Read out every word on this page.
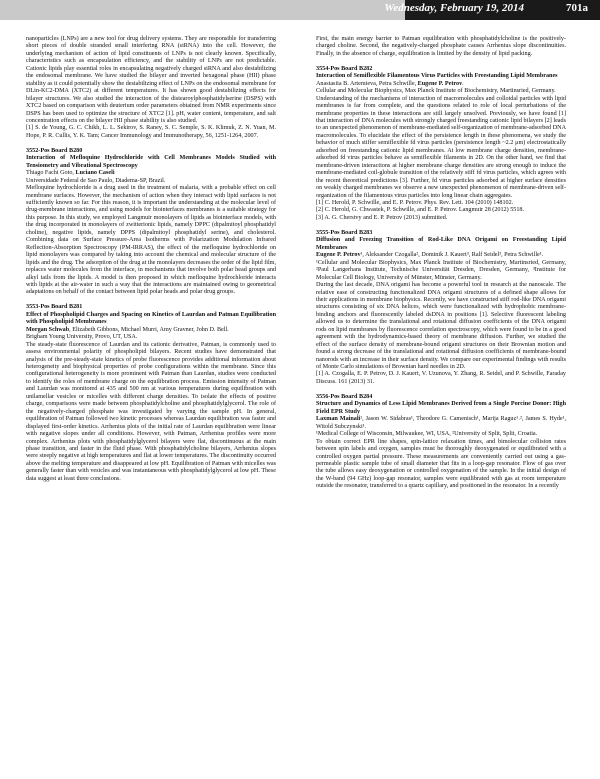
Wednesday, February 19, 2014	701a

nanoparticles (LNPs) are a new tool for drug delivery systems. They are responsible for transferring short pieces of double stranded small interfering RNA (siRNA) into the cell. However, the underlying mechanism of action of lipid constituents of LNPs is not clearly known. Specifically, characteristics such as encapsulation efficiency, and the stability of LNPs are not predictable. Cationic lipids play essential roles in encapsulating negatively charged siRNA and also destabilizing the endosomal membrane. We have studied the bilayer and inverted hexagonal phase (HII) phase stability as it could potentially show the destabilizing effect of LNPs on the endosomal membrane for DLin-KC2-DMA (XTC2) at different temperatures. It has shown good destabilizing effects for bilayer structures. We also studied the interaction of the distearoylphosphatidylserine (DSPS) with XTC2 based on comparison with deuterium order parameters obtained from NMR experiments since DSPS has been used to optimize the structure of XTC2 [1]. pH, water content, temperature, and salt concentration effects on the bilayer HII phase stability is also studied.

[1] S. de Young, G. C. Chikh, L. L. Sekirov, S. Raney, S. C. Semple, S. K. Klimuk, Z. N. Yuan, M. Hope, P. R. Cullis, Y. K. Tam; Cancer Immunology and Immunotherapy, 56, 1251-1264, 2007.

3552-Pos Board B280

Interaction of Mefloquine Hydrochloride with Cell Membranes Models Studied with Tensiometry and Vibrational Spectroscopy

Thiago Fachi Goto, Luciano Caseli

Universidade Federal de Sao Paulo, Diadema-SP, Brazil.

Mefloquine hydrochloride is a drug used in the treatment of malaria, with a probable effect on cell membrane surfaces. However, the mechanism of action when they interact with lipid surfaces is not sufficiently known so far. For this reason, it is important the understanding at the molecular level of drug-membrane interactions, and using models for biointerfaces membranes is a suitable strategy for this purpose. In this study, we employed Langmuir monolayers of lipids as biointerface models, with the drug incorporated in monolayers of zwitterionic lipids, namely DPPC (dipalmitoyl phosphatidyl choline), negative lipids, namely DPPS (dipalmitoyl phosphatidyl serine), and cholesterol. Combining data on Surface Pressure-Area Isotherms with Polarization Modulation Infrared Reflection-Absorption Spectroscopy (PM-IRRAS), the effect of the mefloquine hydrochloride on lipid monolayers was compared by taking into account the chemical and molecular structure of the lipids and the drug. The adsorption of the drug at the monolayers decreases the order of the lipid film, replaces water molecules from the interface, in mechanisms that involve both polar head groups and alkyl tails from the lipids. A model is then proposed in which mefloquine hydrochloride interacts with lipids at the air-water in such a way that the interactions are maintained owing to geometrical adaptations on behalf of the contact between lipid polar heads and polar drug groups.

3553-Pos Board B281

Effect of Phospholipid Charges and Spacing on Kinetics of Laurdan and Patman Equilibration with Phospholipid Membranes

Morgan Schwab, Elizabeth Gibbons, Michael Murri, Amy Gravner, John D. Bell.

Brigham Young University, Provo, UT, USA.

The steady-state fluorescence of Laurdan and its cationic derivative, Patman, is commonly used to assess environmental polarity of phospholipid bilayers. Recent studies have demonstrated that analysis of the pre-steady-state kinetics of probe fluorescence provides additional information about heterogeneity and biophysical properties of probe configurations within the membrane. Since this configurational heterogeneity is more prominent with Patman than Laurdan, studies were conducted to identify the roles of membrane charge on the equilibration process. Emission intensity of Patman and Laurdan was monitored at 435 and 500 nm at various temperatures during equilibration with unilamellar vesicles or micelles with different charge densities. To isolate the effects of positive charge, comparisons were made between phosphatidylcholine and phosphatidylglycerol. The role of the negatively-charged phosphate was investigated by varying the sample pH. In general, equilibration of Patman followed two kinetic processes whereas Laurdan equilibration was faster and displayed first-order kinetics. Arrhenius plots of the initial rate of Laurdan equilibration were linear with negative slopes under all conditions. However, with Patman, Arrhenius profiles were more complex. Arrhenius plots with phosphatidylglycerol bilayers were flat, discontinuous at the main phase transition, and faster in the fluid phase. With phosphatidylcholine bilayers, Arrhenius slopes were steeply negative at high temperatures and flat at lower temperatures. The discontinuity occurred above the melting temperature and disappeared at low pH. Equilibration of Patman with micelles was generally faster than with vesicles and was instantaneous with phosphatidylglycerol at low pH. These data suggest at least three conclusions.

First, the main energy barrier to Patman equilibration with phosphatidylcholine is the positively-charged choline. Second, the negatively-charged phosphate causes Arrhenius slope discontinuities. Finally, in the absence of charge, equilibration is limited by the density of lipid packing.

3554-Pos Board B282

Interaction of Semiflexible Filamentous Virus Particles with Freestanding Lipid Membranes

Anastasiia B. Artemieva, Petra Schwille, Eugene P. Petrov.

Cellular and Molecular Biophysics, Max Planck Institute of Biochemistry, Martinsried, Germany.

Understanding of the mechanisms of interaction of macromolecules and colloidal particles with lipid membranes is far from complete, and the questions related to role of local perturbations of the membrane properties in these interactions are still largely unsolved. Previously, we have found [1] that interaction of DNA molecules with strongly charged freestanding cationic lipid bilayers [2] leads to an unexpected phenomenon of membrane-mediated self-organization of membrane-adsorbed DNA macromolecules. To elucidate the effect of the persistence length in these phenomena, we study the behavior of much stiffer semiflexible fd virus particles (persistence length ~2.2 μm) electrostatically adsorbed on freestanding cationic lipid membranes. At low membrane charge densities, membrane-adsorbed fd virus particles behave as semiflexible filaments in 2D. On the other hand, we find that membrane-driven interactions at higher membrane charge densities are strong enough to induce the membrane-mediated coil-globule transition of the relatively stiff fd virus particles, which agrees with the recent theoretical predictions [3]. Further, fd virus particles adsorbed at higher surface densities on weakly charged membranes we observe a new unexpected phenomenon of membrane-driven self-organization of the filamentous virus particles into long linear chain aggregates.

[1] C. Herold, P. Schwille, and E. P. Petrov. Phys. Rev. Lett. 104 (2010) 148102.

[2] C. Herold, G. Chwastek, P. Schwille, and E. P. Petrov. Langmuir 28 (2012) 5518.

[3] A. G. Cherstvy and E. P. Petrov (2013) submitted.

3555-Pos Board B283

Diffusion and Freezing Transition of Rod-Like DNA Origami on Freestanding Lipid Membranes

Eugene P. Petrov¹, Aleksander Czogalla², Dominik J. Kauert³, Ralf Seidel³, Petra Schwille¹.

¹Cellular and Molecular Biophysics, Max Planck Institute of Biochemistry, Martinsried, Germany, ²Paul Langerhans Institute, Technische Universität Dresden, Dresden, Germany, ³Institute for Molecular Cell Biology, University of Münster, Münster, Germany.

During the last decade, DNA origami has become a powerful tool in research at the nanoscale. The relative ease of constructing functionalized DNA origami structures of a defined shape allows for their applications in membrane biophysics. Recently, we have constructed stiff rod-like DNA origami structures consisting of six DNA helices, which were functionalized with hydrophobic membrane-binding anchors and fluorescently labeled dsDNA in positions [1]. Selective fluorescent labeling allowed us to determine the translational and rotational diffusion coefficients of the DNA origami rods on lipid membranes by fluorescence correlation spectroscopy, which were found to be in a good agreement with the hydrodynamics-based theory of membrane diffusion. Further, we studied the effect of the surface density of membrane-bound origami structures on their Brownian motion and found a strong decrease of the translational and rotational diffusion coefficients of membrane-bound nanorods with an increase in their surface density. We compare our experimental findings with results of Monte Carlo simulations of Brownian hard needles in 2D.

[1] A. Czogalla, E. P. Petrov, D. J. Kauert, V. Uzunova, Y. Zhang, R. Seidel, and P. Schwille, Faraday Discuss. 161 (2013) 31.

3556-Pos Board B284

Structure and Dynamics of Less Lipid Membranes Derived from a Single Porcine Donor: High Field EPR Study

Laxman Mainali¹, Jason W. Sidabras¹, Theodore G. Camenisch¹, Marija Raguz¹˒², James S. Hyde¹, Witold Subczynski¹.

¹Medical College of Wisconsin, Milwaukee, WI, USA, ²University of Split, Split, Croatia.

To obtain correct EPR line shapes, spin-lattice relaxation times, and bimolecular collision rates between spin labels and oxygen, samples must be thoroughly deoxygenated or equilibrated with a controlled oxygen partial pressure. These measurements are conveniently carried out using a gas-permeable plastic sample tube of small diameter that fits in a loop-gap resonator. Flow of gas over the tube allows easy deoxygenation or controlled oxygenation of the sample. In the initial design of the W-band (94 GHz) loop-gap resonator, samples were equilibrated with gas at room temperature outside the resonator, transferred to a quartz capillary, and positioned in the resonator. In a recently
